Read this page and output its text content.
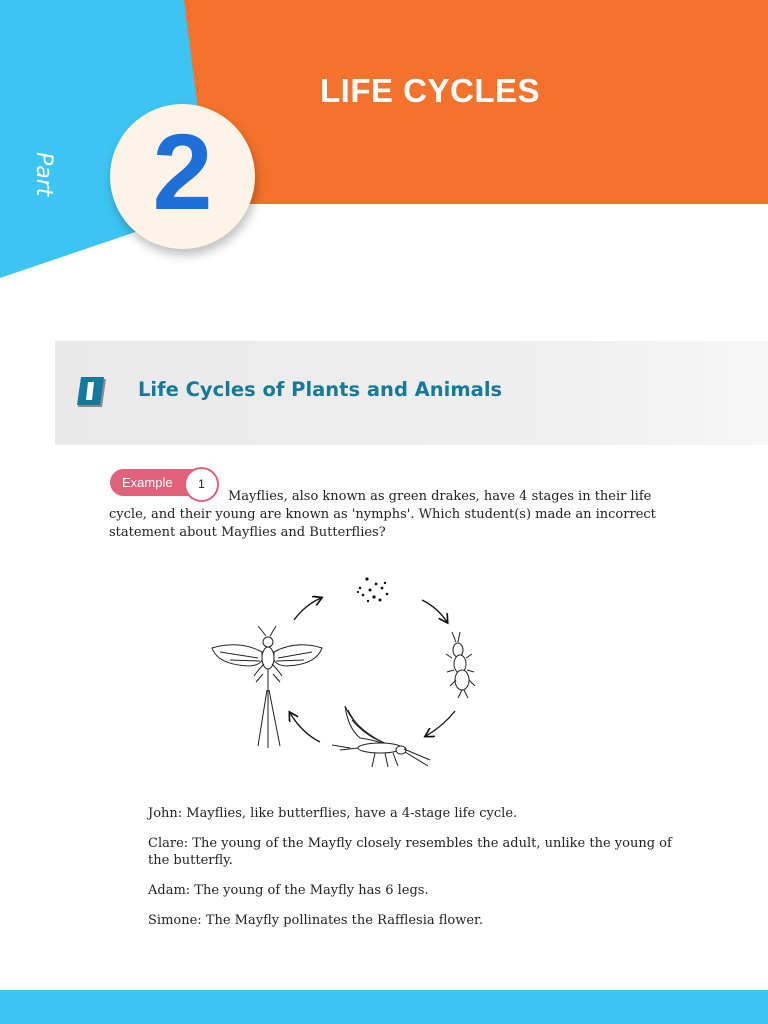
LIFE CYCLES
Part 2
Life Cycles of Plants and Animals
Example	1
Mayflies, also known as green drakes, have 4 stages in their life cycle, and their young are known as 'nymphs'. Which student(s) made an incorrect statement about Mayflies and Butterflies?
John: Mayflies, like butterflies, have a 4-stage life cycle.
Clare: The young of the Mayfly closely resembles the adult, unlike the young of the butterfly.
Adam: The young of the Mayfly has 6 legs.
Simone: The Mayfly pollinates the Rafflesia flower.
